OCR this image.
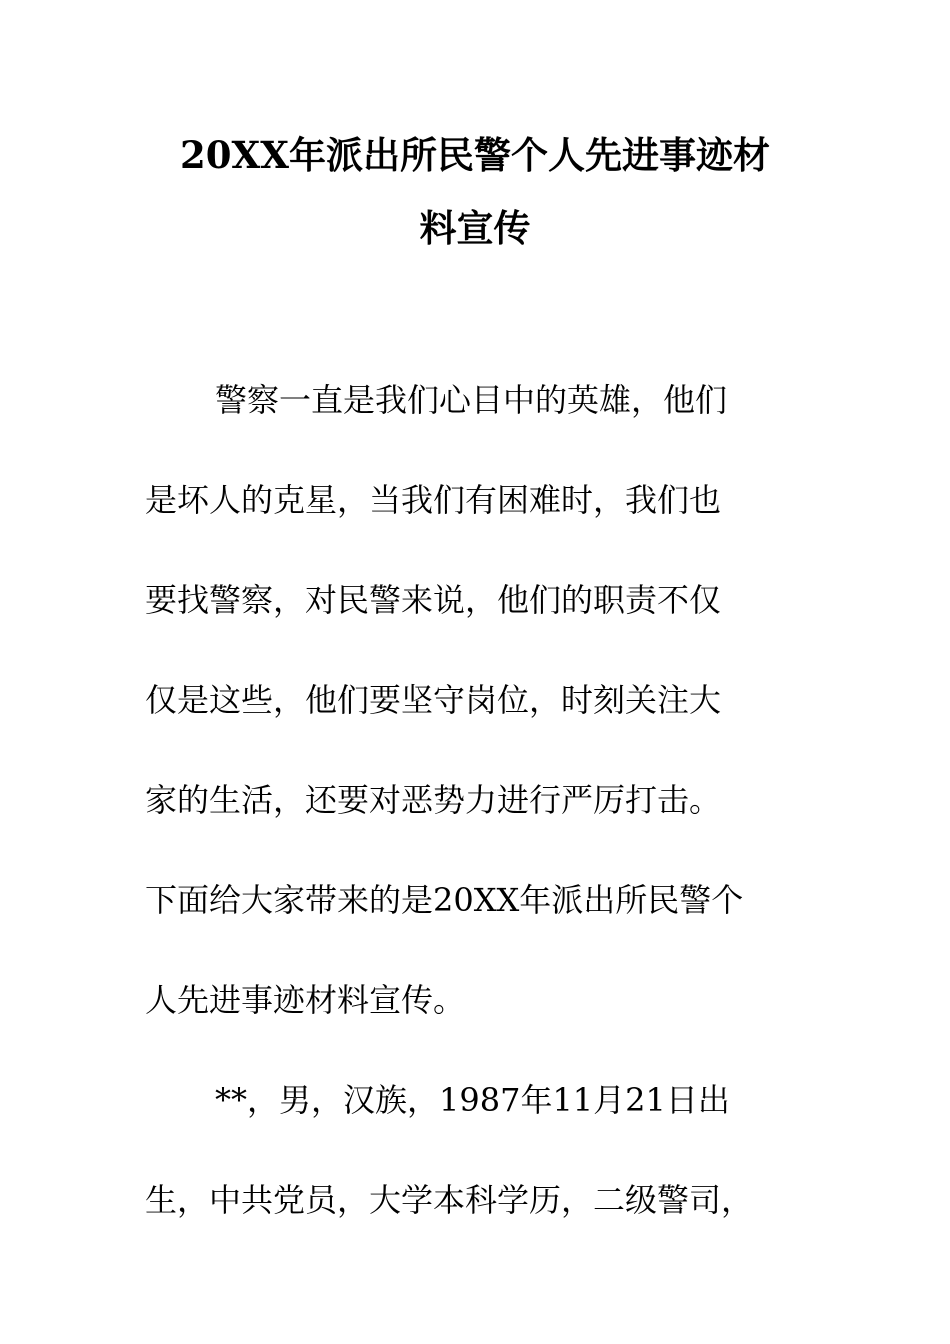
20XX年派出所民警个人先进事迹材
料宣传
警察一直是我们心目中的英雄，他们
是坏人的克星，当我们有困难时，我们也
要找警察，对民警来说，他们的职责不仅
仅是这些，他们要坚守岗位，时刻关注大
家的生活，还要对恶势力进行严厉打击。
下面给大家带来的是20XX年派出所民警个
人先进事迹材料宣传。
**，男，汉族，1987年11月21日出
生，中共党员，大学本科学历，二级警司，
